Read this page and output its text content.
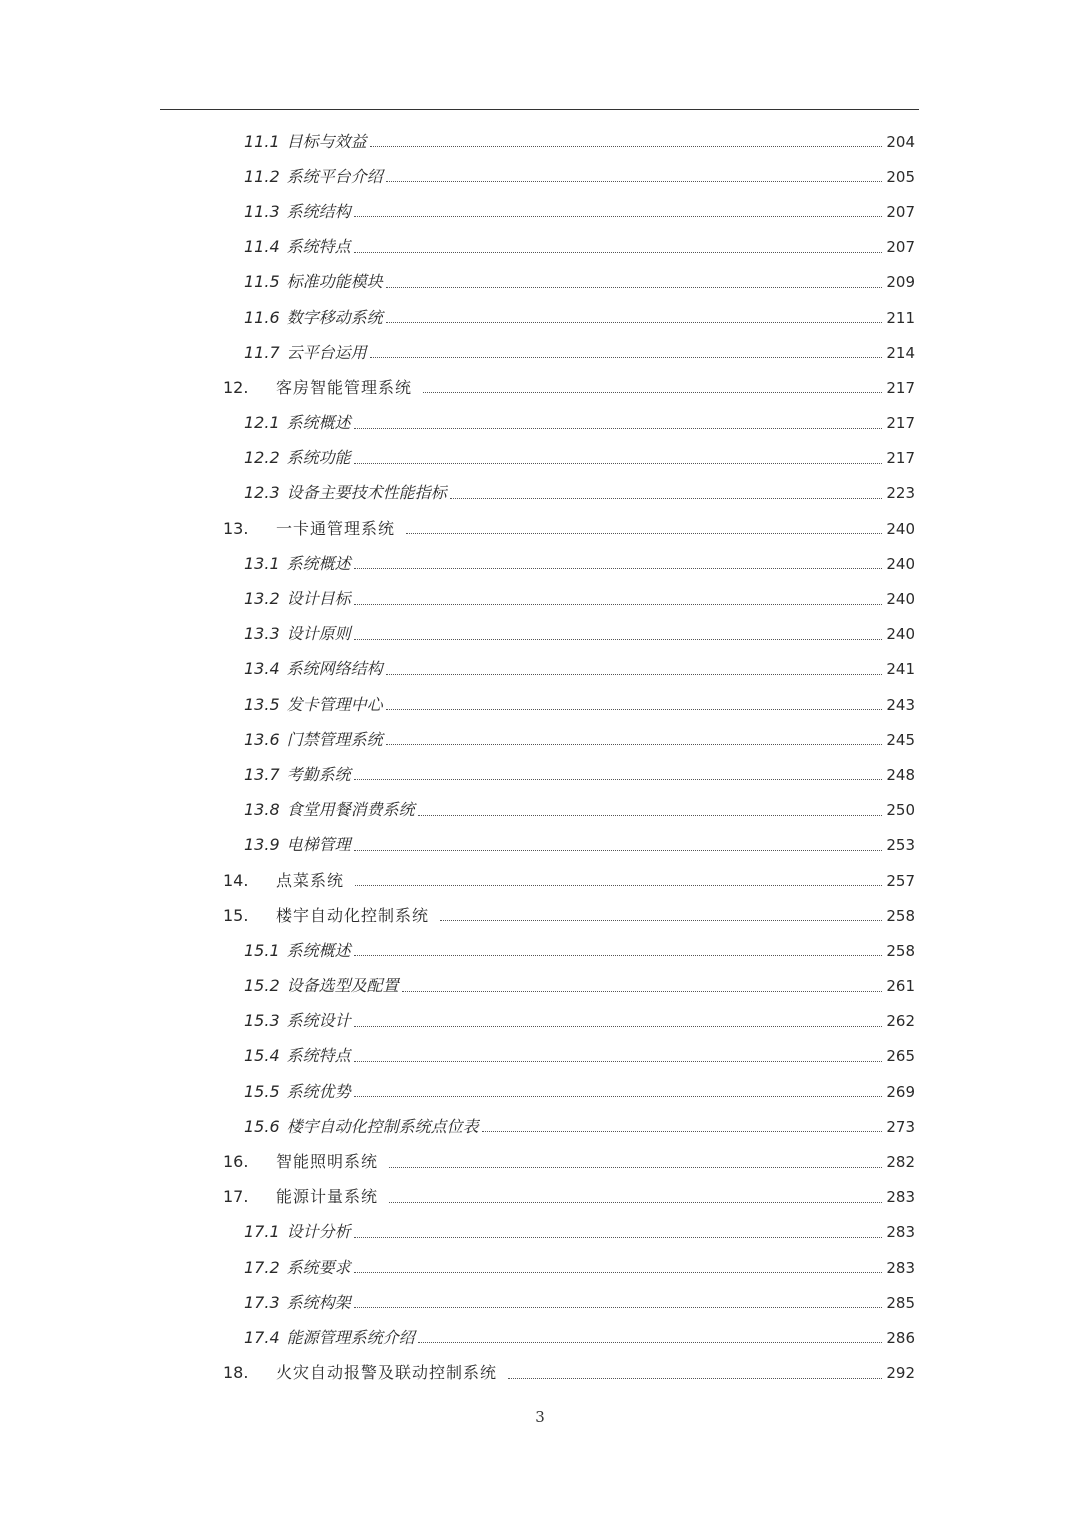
11.1 目标与效益	204
11.2 系统平台介绍	205
11.3 系统结构	207
11.4 系统特点	207
11.5 标准功能模块	209
11.6 数字移动系统	211
11.7 云平台运用	214
12.	客房智能管理系统	217
12.1 系统概述	217
12.2 系统功能	217
12.3 设备主要技术性能指标	223
13.	一卡通管理系统	240
13.1 系统概述	240
13.2 设计目标	240
13.3 设计原则	240
13.4 系统网络结构	241
13.5 发卡管理中心	243
13.6 门禁管理系统	245
13.7 考勤系统	248
13.8 食堂用餐消费系统	250
13.9 电梯管理	253
14.	点菜系统	257
15.	楼宇自动化控制系统	258
15.1 系统概述	258
15.2 设备选型及配置	261
15.3 系统设计	262
15.4 系统特点	265
15.5 系统优势	269
15.6 楼宇自动化控制系统点位表	273
16.	智能照明系统	282
17.	能源计量系统	283
17.1 设计分析	283
17.2 系统要求	283
17.3 系统构架	285
17.4 能源管理系统介绍	286
18.	火灾自动报警及联动控制系统	292
3
